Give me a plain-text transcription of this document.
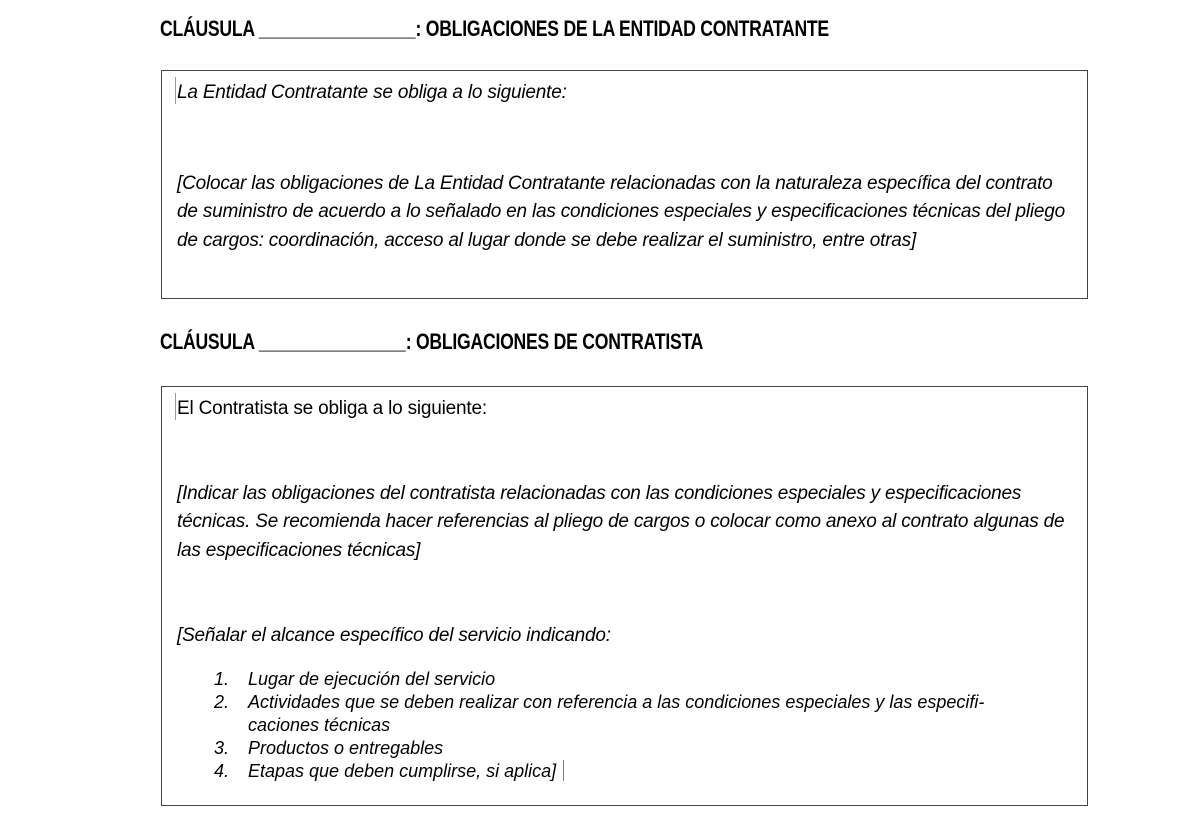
CLÁUSULA ________________: OBLIGACIONES DE LA ENTIDAD CONTRATANTE

La Entidad Contratante se obliga a lo siguiente:

[Colocar las obligaciones de La Entidad Contratante relacionadas con la naturaleza específica del contrato de suministro de acuerdo a lo señalado en las condiciones especiales y especificaciones técnicas del pliego de cargos: coordinación, acceso al lugar donde se debe realizar el suministro, entre otras]

CLÁUSULA _______________: OBLIGACIONES DE CONTRATISTA

El Contratista se obliga a lo siguiente:

[Indicar las obligaciones del contratista relacionadas con las condiciones especiales y especificaciones técnicas. Se recomienda hacer referencias al pliego de cargos o colocar como anexo al contrato algunas de las especificaciones técnicas]

[Señalar el alcance específico del servicio indicando:

1.	Lugar de ejecución del servicio
2.	Actividades que se deben realizar con referencia a las condiciones especiales y las especificaciones técnicas
3.	Productos o entregables
4.	Etapas que deben cumplirse, si aplica]
